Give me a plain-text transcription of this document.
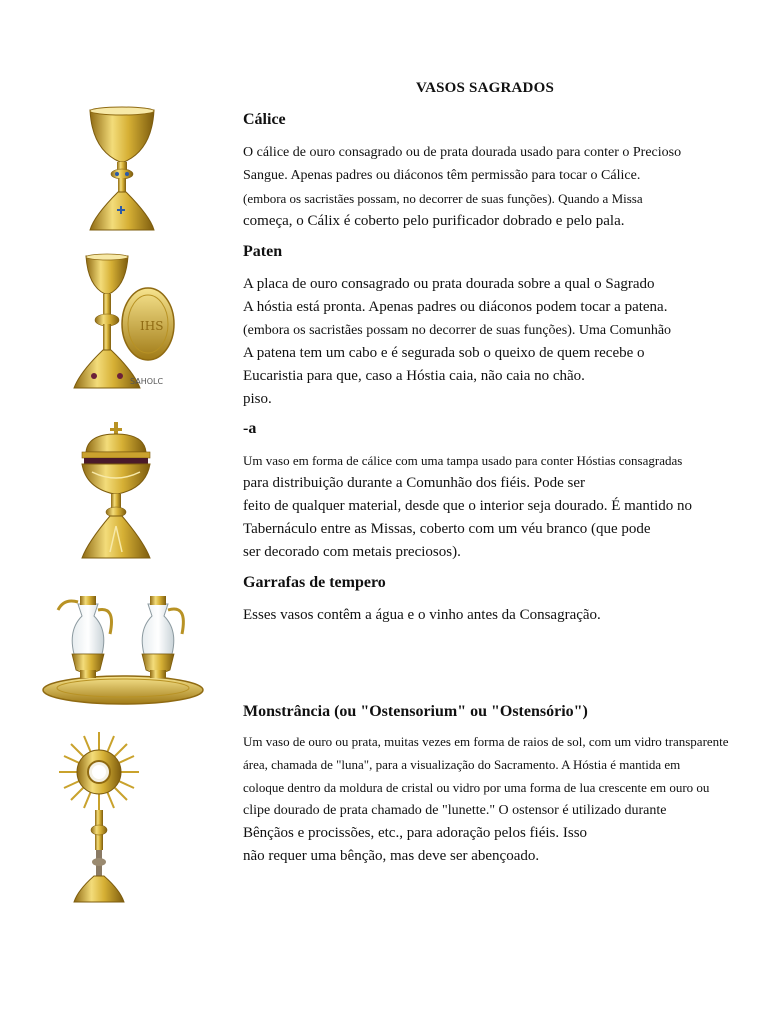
VASOS SAGRADOS
Cálice
O cálice de ouro consagrado ou de prata dourada usado para conter o Precioso
Sangue. Apenas padres ou diáconos têm permissão para tocar o Cálice.
(embora os sacristães possam, no decorrer de suas funções). Quando a Missa
começa, o Cálix é coberto pelo purificador dobrado e pelo pala.
IHS
SAHOLC
Paten
A placa de ouro consagrado ou prata dourada sobre a qual o Sagrado
A hóstia está pronta. Apenas padres ou diáconos podem tocar a patena.
(embora os sacristães possam no decorrer de suas funções). Uma Comunhão
A patena tem um cabo e é segurada sob o queixo de quem recebe o
Eucaristia para que, caso a Hóstia caia, não caia no chão.
piso.
-a
Um vaso em forma de cálice com uma tampa usado para conter Hóstias consagradas
para distribuição durante a Comunhão dos fiéis. Pode ser
feito de qualquer material, desde que o interior seja dourado. É mantido no
Tabernáculo entre as Missas, coberto com um véu branco (que pode
ser decorado com metais preciosos).
Garrafas de tempero
Esses vasos contêm a água e o vinho antes da Consagração.
Monstrância (ou "Ostensorium" ou "Ostensório")
Um vaso de ouro ou prata, muitas vezes em forma de raios de sol, com um vidro transparente
área, chamada de "luna", para a visualização do Sacramento. A Hóstia é mantida em
coloque dentro da moldura de cristal ou vidro por uma forma de lua crescente em ouro ou
clipe dourado de prata chamado de "lunette." O ostensor é utilizado durante
Bênçãos e procissões, etc., para adoração pelos fiéis. Isso
não requer uma bênção, mas deve ser abençoado.
